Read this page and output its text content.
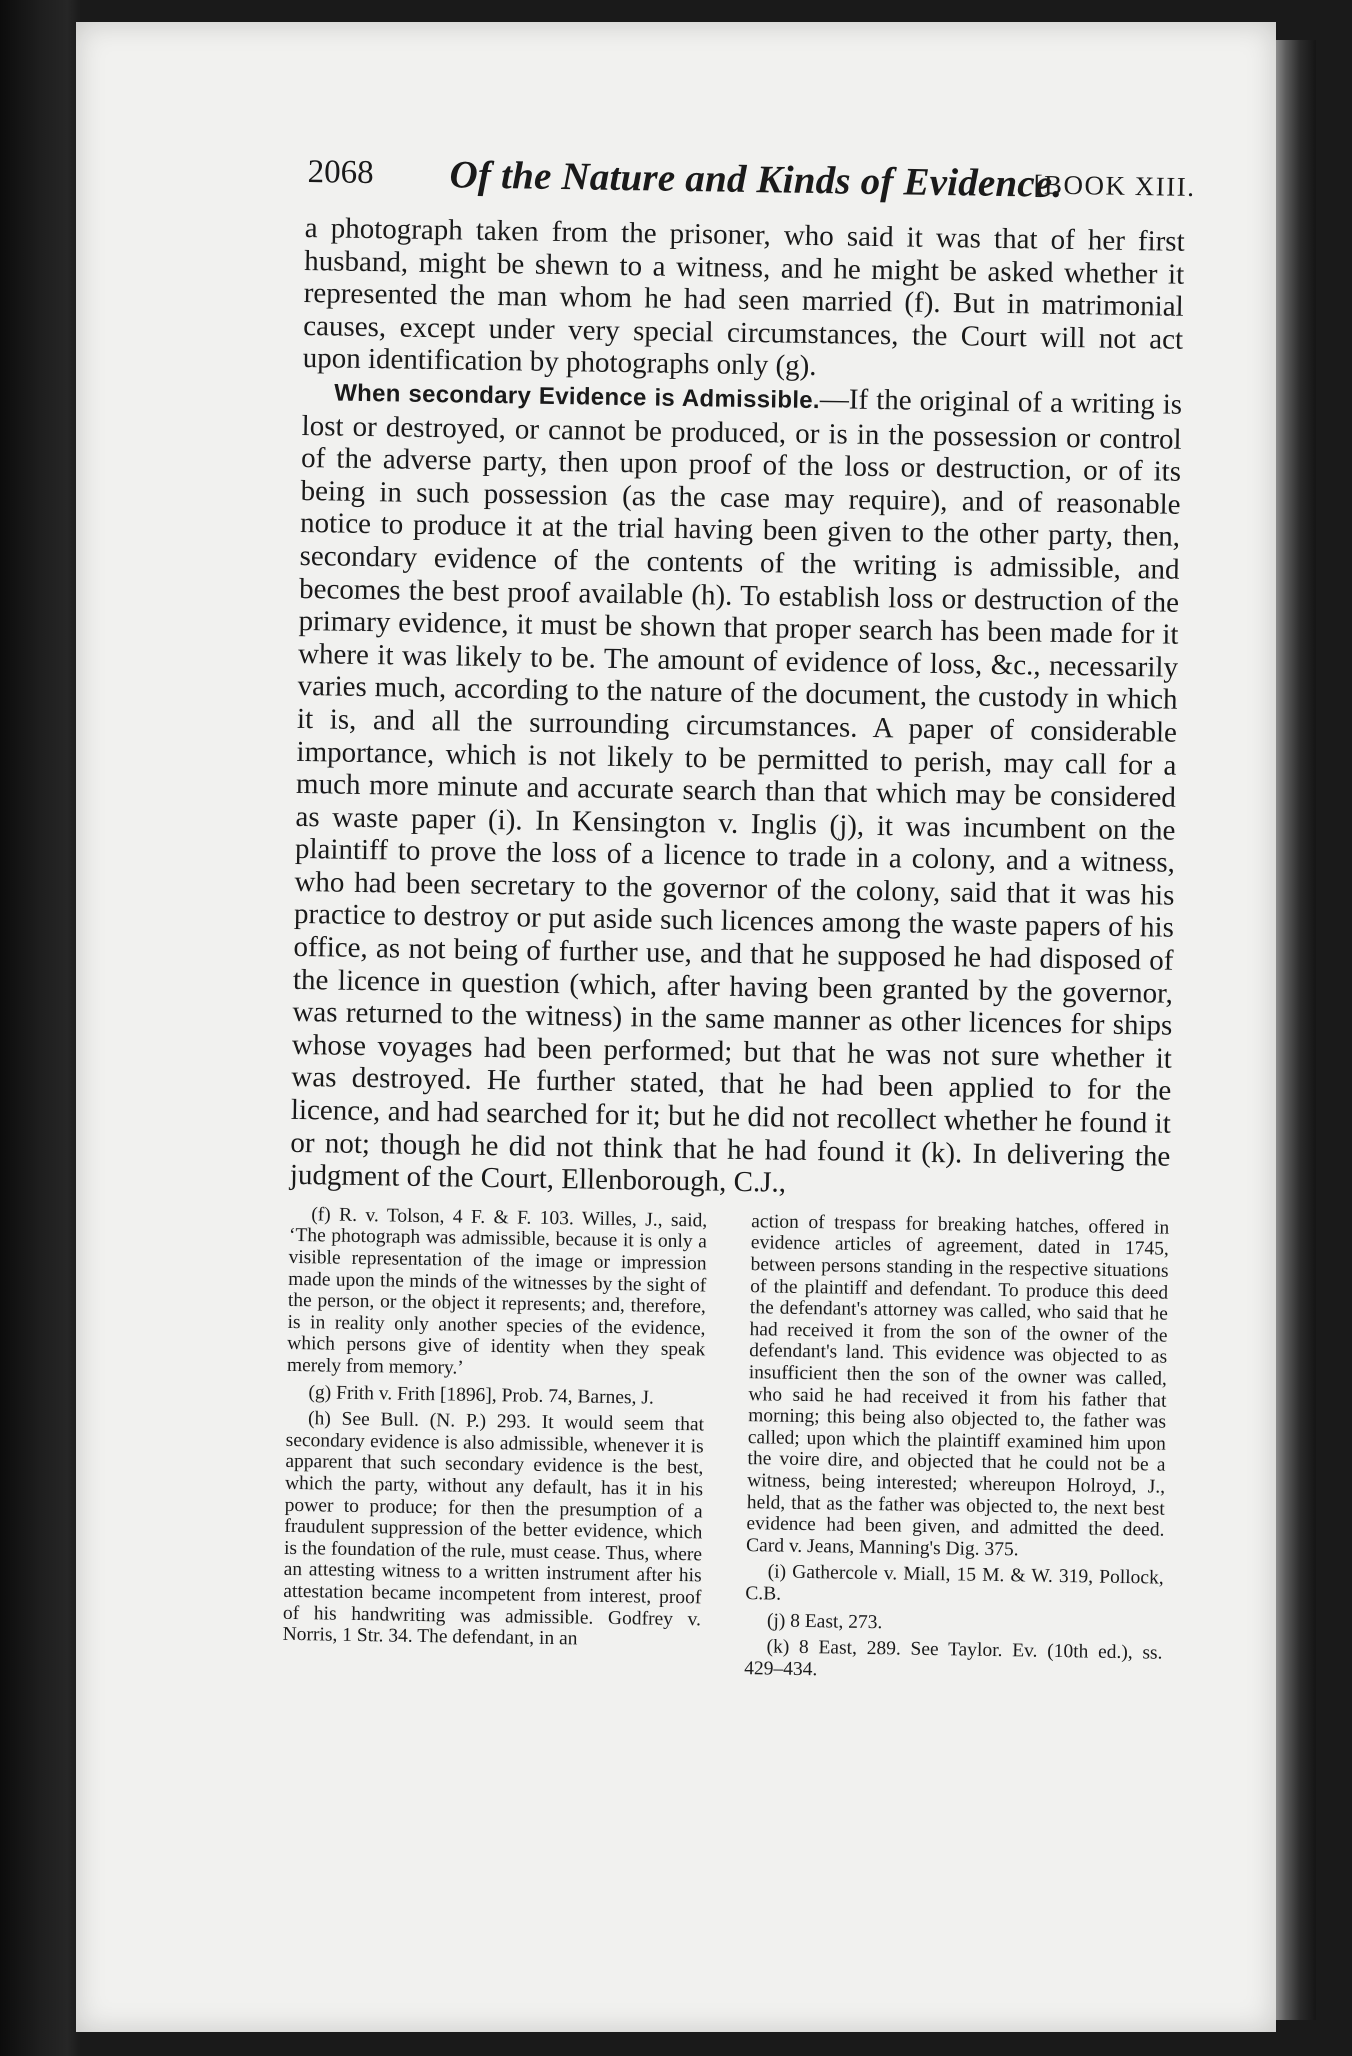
2068 Of the Nature and Kinds of Evidence.
[BOOK XIII.

a photograph taken from the prisoner, who said it was that of her first husband, might be shewn to a witness, and he might be asked whether it represented the man whom he had seen married (f). But in matrimonial causes, except under very special circumstances, the Court will not act upon identification by photographs only (g).

When secondary Evidence is Admissible.—If the original of a writing is lost or destroyed, or cannot be produced, or is in the possession or control of the adverse party, then upon proof of the loss or destruction, or of its being in such possession (as the case may require), and of reasonable notice to produce it at the trial having been given to the other party, then, secondary evidence of the contents of the writing is admissible, and becomes the best proof available (h). To establish loss or destruction of the primary evidence, it must be shown that proper search has been made for it where it was likely to be. The amount of evidence of loss, &c., necessarily varies much, according to the nature of the document, the custody in which it is, and all the surrounding circumstances. A paper of considerable importance, which is not likely to be permitted to perish, may call for a much more minute and accurate search than that which may be considered as waste paper (i). In Kensington v. Inglis (j), it was incumbent on the plaintiff to prove the loss of a licence to trade in a colony, and a witness, who had been secretary to the governor of the colony, said that it was his practice to destroy or put aside such licences among the waste papers of his office, as not being of further use, and that he supposed he had disposed of the licence in question (which, after having been granted by the governor, was returned to the witness) in the same manner as other licences for ships whose voyages had been performed; but that he was not sure whether it was destroyed. He further stated, that he had been applied to for the licence, and had searched for it; but he did not recollect whether he found it or not; though he did not think that he had found it (k). In delivering the judgment of the Court, Ellenborough, C.J.,

(f) R. v. Tolson, 4 F. & F. 103. Willes, J., said, ‘The photograph was admissible, because it is only a visible representation of the image or impression made upon the minds of the witnesses by the sight of the person, or the object it represents; and, therefore, is in reality only another species of the evidence, which persons give of identity when they speak merely from memory.’

(g) Frith v. Frith [1896], Prob. 74, Barnes, J.

(h) See Bull. (N. P.) 293. It would seem that secondary evidence is also admissible, whenever it is apparent that such secondary evidence is the best, which the party, without any default, has it in his power to produce; for then the presumption of a fraudulent suppression of the better evidence, which is the foundation of the rule, must cease. Thus, where an attesting witness to a written instrument after his attestation became incompetent from interest, proof of his handwriting was admissible. Godfrey v. Norris, 1 Str. 34. The defendant, in an

action of trespass for breaking hatches, offered in evidence articles of agreement, dated in 1745, between persons standing in the respective situations of the plaintiff and defendant. To produce this deed the defendant's attorney was called, who said that he had received it from the son of the owner of the defendant's land. This evidence was objected to as insufficient then the son of the owner was called, who said he had received it from his father that morning; this being also objected to, the father was called; upon which the plaintiff examined him upon the voire dire, and objected that he could not be a witness, being interested; whereupon Holroyd, J., held, that as the father was objected to, the next best evidence had been given, and admitted the deed. Card v. Jeans, Manning's Dig. 375.

(i) Gathercole v. Miall, 15 M. & W. 319, Pollock, C.B.

(j) 8 East, 273.

(k) 8 East, 289. See Taylor. Ev. (10th ed.), ss. 429–434.
